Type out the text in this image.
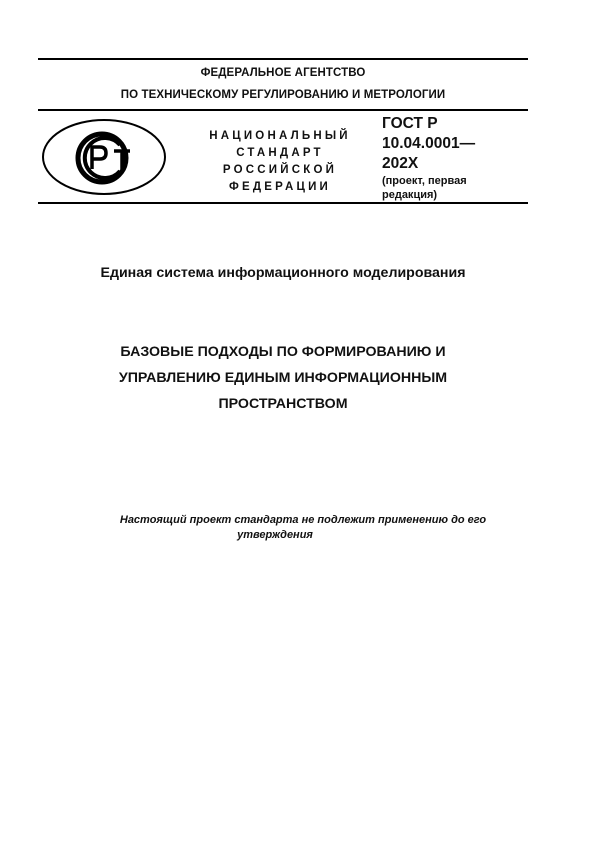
ФЕДЕРАЛЬНОЕ АГЕНТСТВО
ПО ТЕХНИЧЕСКОМУ РЕГУЛИРОВАНИЮ И МЕТРОЛОГИИ
НАЦИОНАЛЬНЫЙ
СТАНДАРТ
РОССИЙСКОЙ
ФЕДЕРАЦИИ
ГОСТ Р
10.04.0001—
202Х
(проект, первая
редакция)
Единая система информационного моделирования
БАЗОВЫЕ ПОДХОДЫ ПО ФОРМИРОВАНИЮ И
УПРАВЛЕНИЮ ЕДИНЫМ ИНФОРМАЦИОННЫМ
ПРОСТРАНСТВОМ
Настоящий проект стандарта не подлежит применению до его
утверждения
